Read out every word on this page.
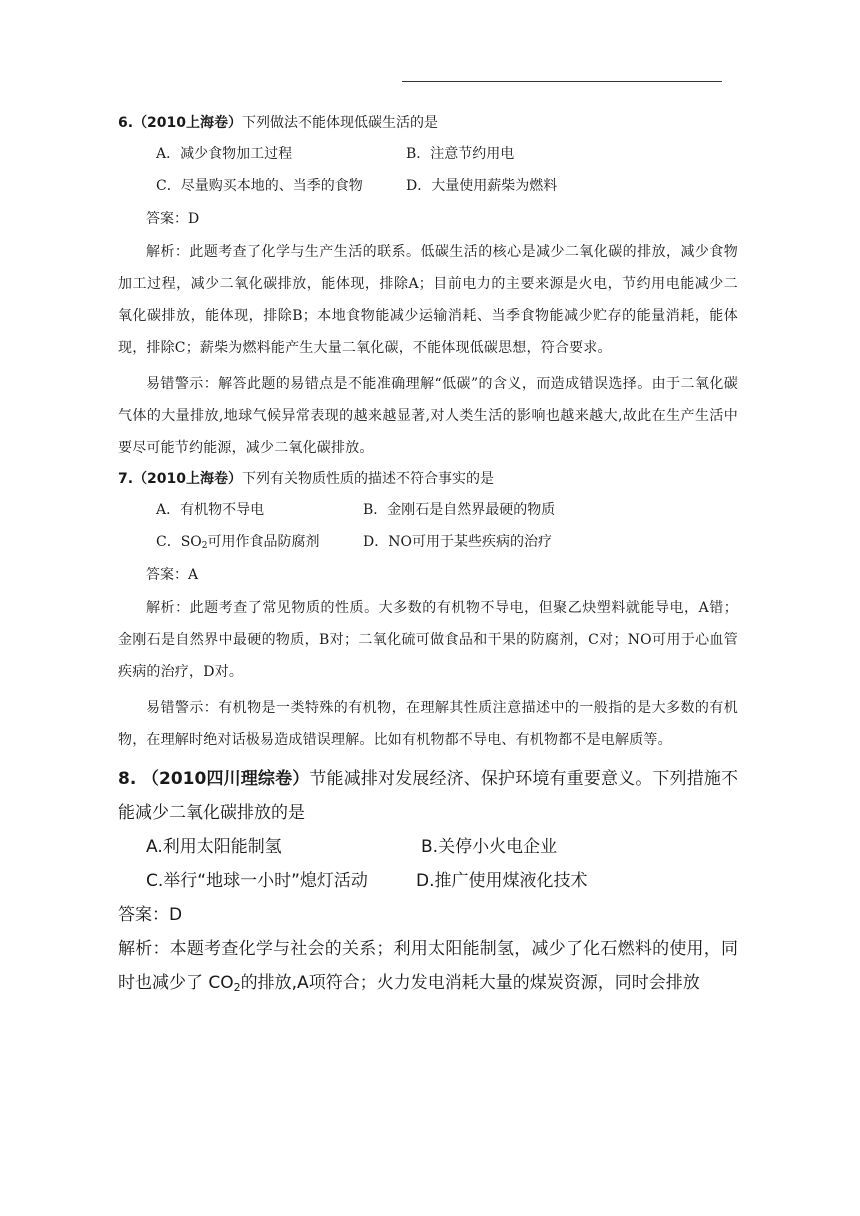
6.（2010上海卷）下列做法不能体现低碳生活的是
A．减少食物加工过程	B．注意节约用电
C．尽量购买本地的、当季的食物	D．大量使用薪柴为燃料
答案：D
解析：此题考查了化学与生产生活的联系。低碳生活的核心是减少二氧化碳的排放，减少食物加工过程，减少二氧化碳排放，能体现，排除A；目前电力的主要来源是火电，节约用电能减少二氧化碳排放，能体现，排除B；本地食物能减少运输消耗、当季食物能减少贮存的能量消耗，能体现，排除C；薪柴为燃料能产生大量二氧化碳，不能体现低碳思想，符合要求。
易错警示：解答此题的易错点是不能准确理解“低碳”的含义，而造成错误选择。由于二氧化碳气体的大量排放,地球气候异常表现的越来越显著,对人类生活的影响也越来越大,故此在生产生活中要尽可能节约能源，减少二氧化碳排放。
7.（2010上海卷）下列有关物质性质的描述不符合事实的是
A．有机物不导电	B．金刚石是自然界最硬的物质
C．SO2可用作食品防腐剂	D．NO可用于某些疾病的治疗
答案：A
解析：此题考查了常见物质的性质。大多数的有机物不导电，但聚乙炔塑料就能导电，A错；金刚石是自然界中最硬的物质，B对；二氧化硫可做食品和干果的防腐剂，C对；NO可用于心血管疾病的治疗，D对。
易错警示：有机物是一类特殊的有机物，在理解其性质注意描述中的一般指的是大多数的有机物，在理解时绝对话极易造成错误理解。比如有机物都不导电、有机物都不是电解质等。
8. （2010四川理综卷）节能减排对发展经济、保护环境有重要意义。下列措施不能减少二氧化碳排放的是
A.利用太阳能制氢	B.关停小火电企业
C.举行“地球一小时”熄灯活动	D.推广使用煤液化技术
答案：D
解析：本题考查化学与社会的关系；利用太阳能制氢，减少了化石燃料的使用，同时也减少了 $CO_2$的排放,A项符合；火力发电消耗大量的煤炭资源，同时会排放
